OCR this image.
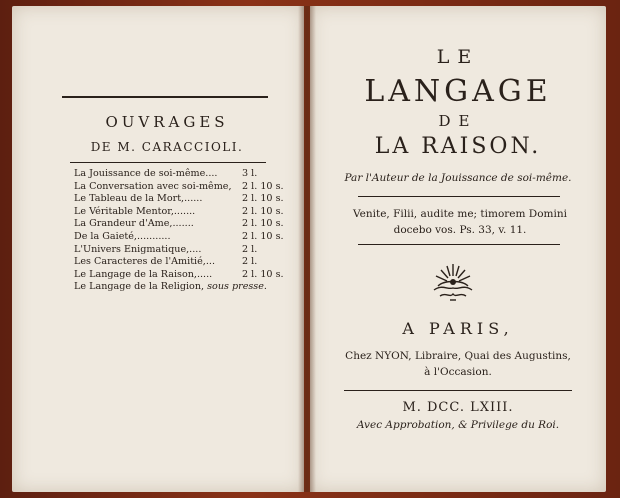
OUVRAGES
DE M. CARACCIOLI.
La Jouissance de soi-même....	3 l.
La Conversation avec soi-même,	2 l. 10 s.
Le Tableau de la Mort,......	2 l. 10 s.
Le Véritable Mentor,.......	2 l. 10 s.
La Grandeur d'Ame,.......	2 l. 10 s.
De la Gaieté,...........	2 l. 10 s.
L'Univers Enigmatique,....	2 l.
Les Caracteres de l'Amitié,...	2 l.
Le Langage de la Raison,.....	2 l. 10 s.
Le Langage de la Religion, sous presse.
LE
LANGAGE
DE
LA RAISON.
Par l'Auteur de la Jouissance de soi-même.
Venite, Filii, audite me; timorem Domini
docebo vos. Ps. 33, v. 11.
A PARIS,
Chez NYON, Libraire, Quai des Augustins,
à l'Occasion.
M. DCC. LXIII.
Avec Approbation, & Privilege du Roi.
